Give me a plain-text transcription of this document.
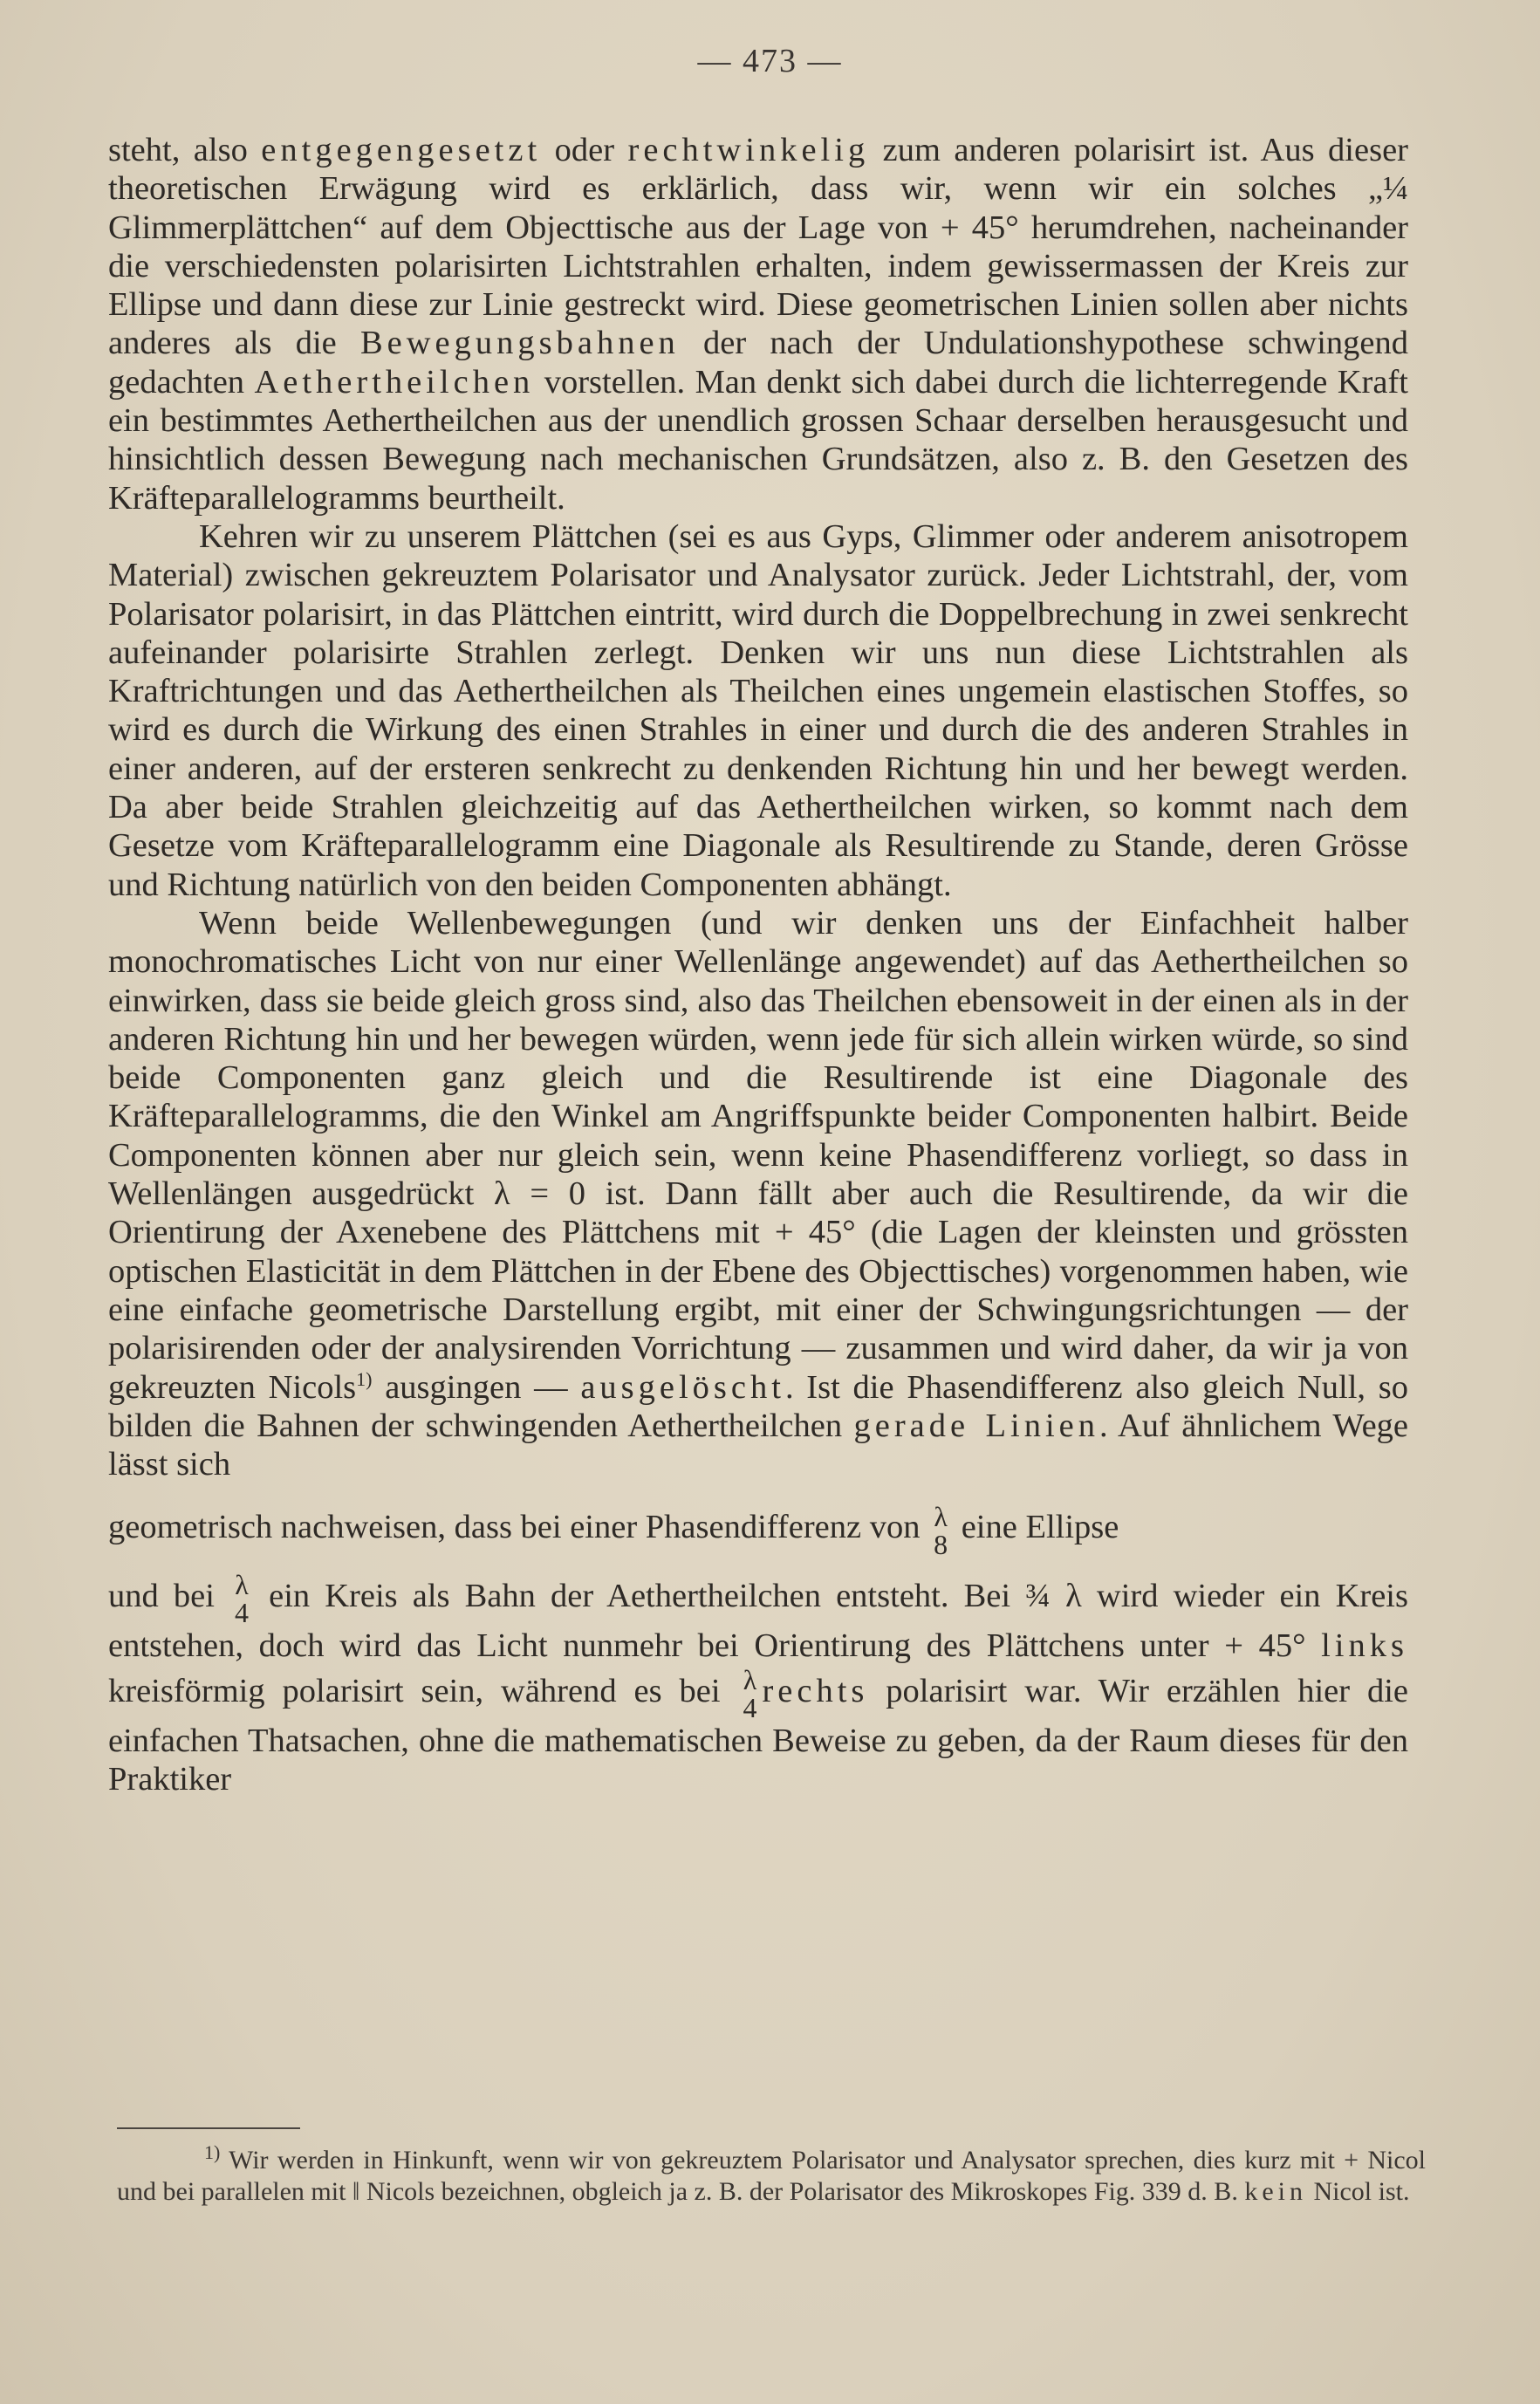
— 473 —

steht, also entgegengesetzt oder rechtwinkelig zum anderen polarisirt ist. Aus dieser theoretischen Erwägung wird es erklärlich, dass wir, wenn wir ein solches „¼ Glimmerplättchen“ auf dem Objecttische aus der Lage von + 45° herumdrehen, nacheinander die verschiedensten polarisirten Lichtstrahlen erhalten, indem gewissermassen der Kreis zur Ellipse und dann diese zur Linie gestreckt wird. Diese geometrischen Linien sollen aber nichts anderes als die Bewegungsbahnen der nach der Undulationshypothese schwingend gedachten Aethertheilchen vorstellen. Man denkt sich dabei durch die lichterregende Kraft ein bestimmtes Aethertheilchen aus der unendlich grossen Schaar derselben herausgesucht und hinsichtlich dessen Bewegung nach mechanischen Grundsätzen, also z. B. den Gesetzen des Kräfteparallelogramms beurtheilt.

Kehren wir zu unserem Plättchen (sei es aus Gyps, Glimmer oder anderem anisotropem Material) zwischen gekreuztem Polarisator und Analysator zurück. Jeder Lichtstrahl, der, vom Polarisator polarisirt, in das Plättchen eintritt, wird durch die Doppelbrechung in zwei senkrecht aufeinander polarisirte Strahlen zerlegt. Denken wir uns nun diese Lichtstrahlen als Kraftrichtungen und das Aethertheilchen als Theilchen eines ungemein elastischen Stoffes, so wird es durch die Wirkung des einen Strahles in einer und durch die des anderen Strahles in einer anderen, auf der ersteren senkrecht zu denkenden Richtung hin und her bewegt werden. Da aber beide Strahlen gleichzeitig auf das Aethertheilchen wirken, so kommt nach dem Gesetze vom Kräfteparallelogramm eine Diagonale als Resultirende zu Stande, deren Grösse und Richtung natürlich von den beiden Componenten abhängt.

Wenn beide Wellenbewegungen (und wir denken uns der Einfachheit halber monochromatisches Licht von nur einer Wellenlänge angewendet) auf das Aethertheilchen so einwirken, dass sie beide gleich gross sind, also das Theilchen ebensoweit in der einen als in der anderen Richtung hin und her bewegen würden, wenn jede für sich allein wirken würde, so sind beide Componenten ganz gleich und die Resultirende ist eine Diagonale des Kräfteparallelogramms, die den Winkel am Angriffspunkte beider Componenten halbirt. Beide Componenten können aber nur gleich sein, wenn keine Phasendifferenz vorliegt, so dass in Wellenlängen ausgedrückt λ = 0 ist. Dann fällt aber auch die Resultirende, da wir die Orientirung der Axenebene des Plättchens mit + 45° (die Lagen der kleinsten und grössten optischen Elasticität in dem Plättchen in der Ebene des Objecttisches) vorgenommen haben, wie eine einfache geometrische Darstellung ergibt, mit einer der Schwingungsrichtungen — der polarisirenden oder der analysirenden Vorrichtung — zusammen und wird daher, da wir ja von gekreuzten Nicols$^{1)}$ ausgingen — ausgelöscht. Ist die Phasendifferenz also gleich Null, so bilden die Bahnen der schwingenden Aethertheilchen gerade Linien. Auf ähnlichem Wege lässt sich

geometrisch nachweisen, dass bei einer Phasendifferenz von λ
8 eine Ellipse

und bei λ
4 ein Kreis als Bahn der Aethertheilchen entsteht. Bei ¾ λ wird wieder ein Kreis entstehen, doch wird das Licht nunmehr bei Orientirung des Plättchens unter + 45° links kreisförmig polarisirt sein, während es bei λ
4 rechts polarisirt war. Wir erzählen hier die einfachen Thatsachen, ohne die mathematischen Beweise zu geben, da der Raum dieses für den Praktiker

$^{1)}$ Wir werden in Hinkunft, wenn wir von gekreuztem Polarisator und Analysator sprechen, dies kurz mit + Nicol und bei parallelen mit ‖ Nicols bezeichnen, obgleich ja z. B. der Polarisator des Mikroskopes Fig. 339 d. B. kein Nicol ist.
